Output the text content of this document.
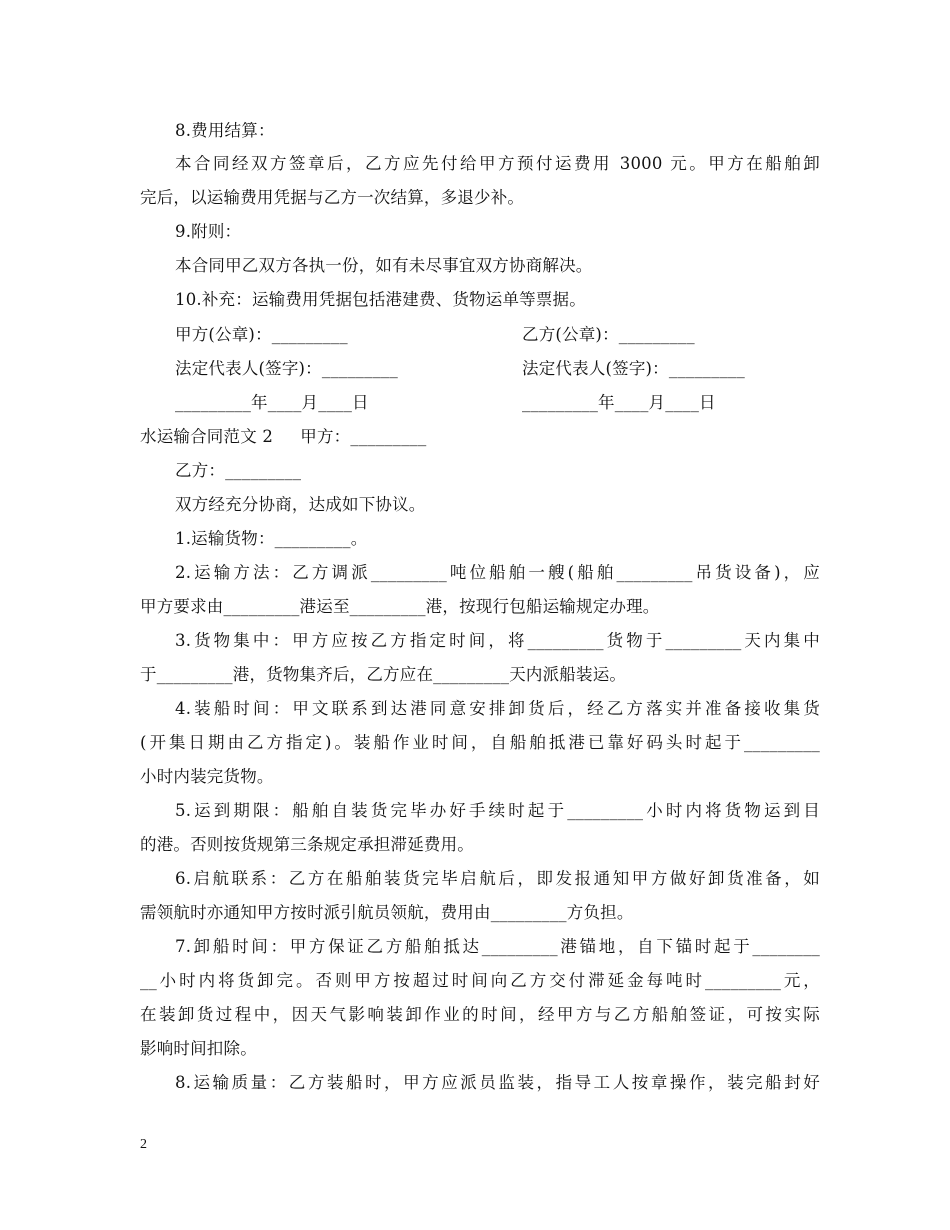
8.费用结算：
本合同经双方签章后，乙方应先付给甲方预付运费用 3000 元。甲方在船舶卸
完后，以运输费用凭据与乙方一次结算，多退少补。
9.附则：
本合同甲乙双方各执一份，如有未尽事宜双方协商解决。
10.补充：运输费用凭据包括港建费、货物运单等票据。
甲方(公章)：_________	乙方(公章)：_________
法定代表人(签字)：_________	法定代表人(签字)：_________
_________年____月____日	_________年____月____日
水运输合同范文 2     甲方：_________
乙方：_________
双方经充分协商，达成如下协议。
1.运输货物：_________。
2.运输方法：乙方调派_________吨位船舶一艘(船舶_________吊货设备)，应
甲方要求由_________港运至_________港，按现行包船运输规定办理。
3.货物集中：甲方应按乙方指定时间，将_________货物于_________天内集中
于_________港，货物集齐后，乙方应在_________天内派船装运。
4.装船时间：甲文联系到达港同意安排卸货后，经乙方落实并准备接收集货
(开集日期由乙方指定)。装船作业时间，自船舶抵港已靠好码头时起于_________
小时内装完货物。
5.运到期限：船舶自装货完毕办好手续时起于_________小时内将货物运到目
的港。否则按货规第三条规定承担滞延费用。
6.启航联系：乙方在船舶装货完毕启航后，即发报通知甲方做好卸货准备，如
需领航时亦通知甲方按时派引航员领航，费用由_________方负担。
7.卸船时间：甲方保证乙方船舶抵达_________港锚地，自下锚时起于________
__小时内将货卸完。否则甲方按超过时间向乙方交付滞延金每吨时_________元，
在装卸货过程中，因天气影响装卸作业的时间，经甲方与乙方船舶签证，可按实际
影响时间扣除。
8.运输质量：乙方装船时，甲方应派员监装，指导工人按章操作，装完船封好
2
